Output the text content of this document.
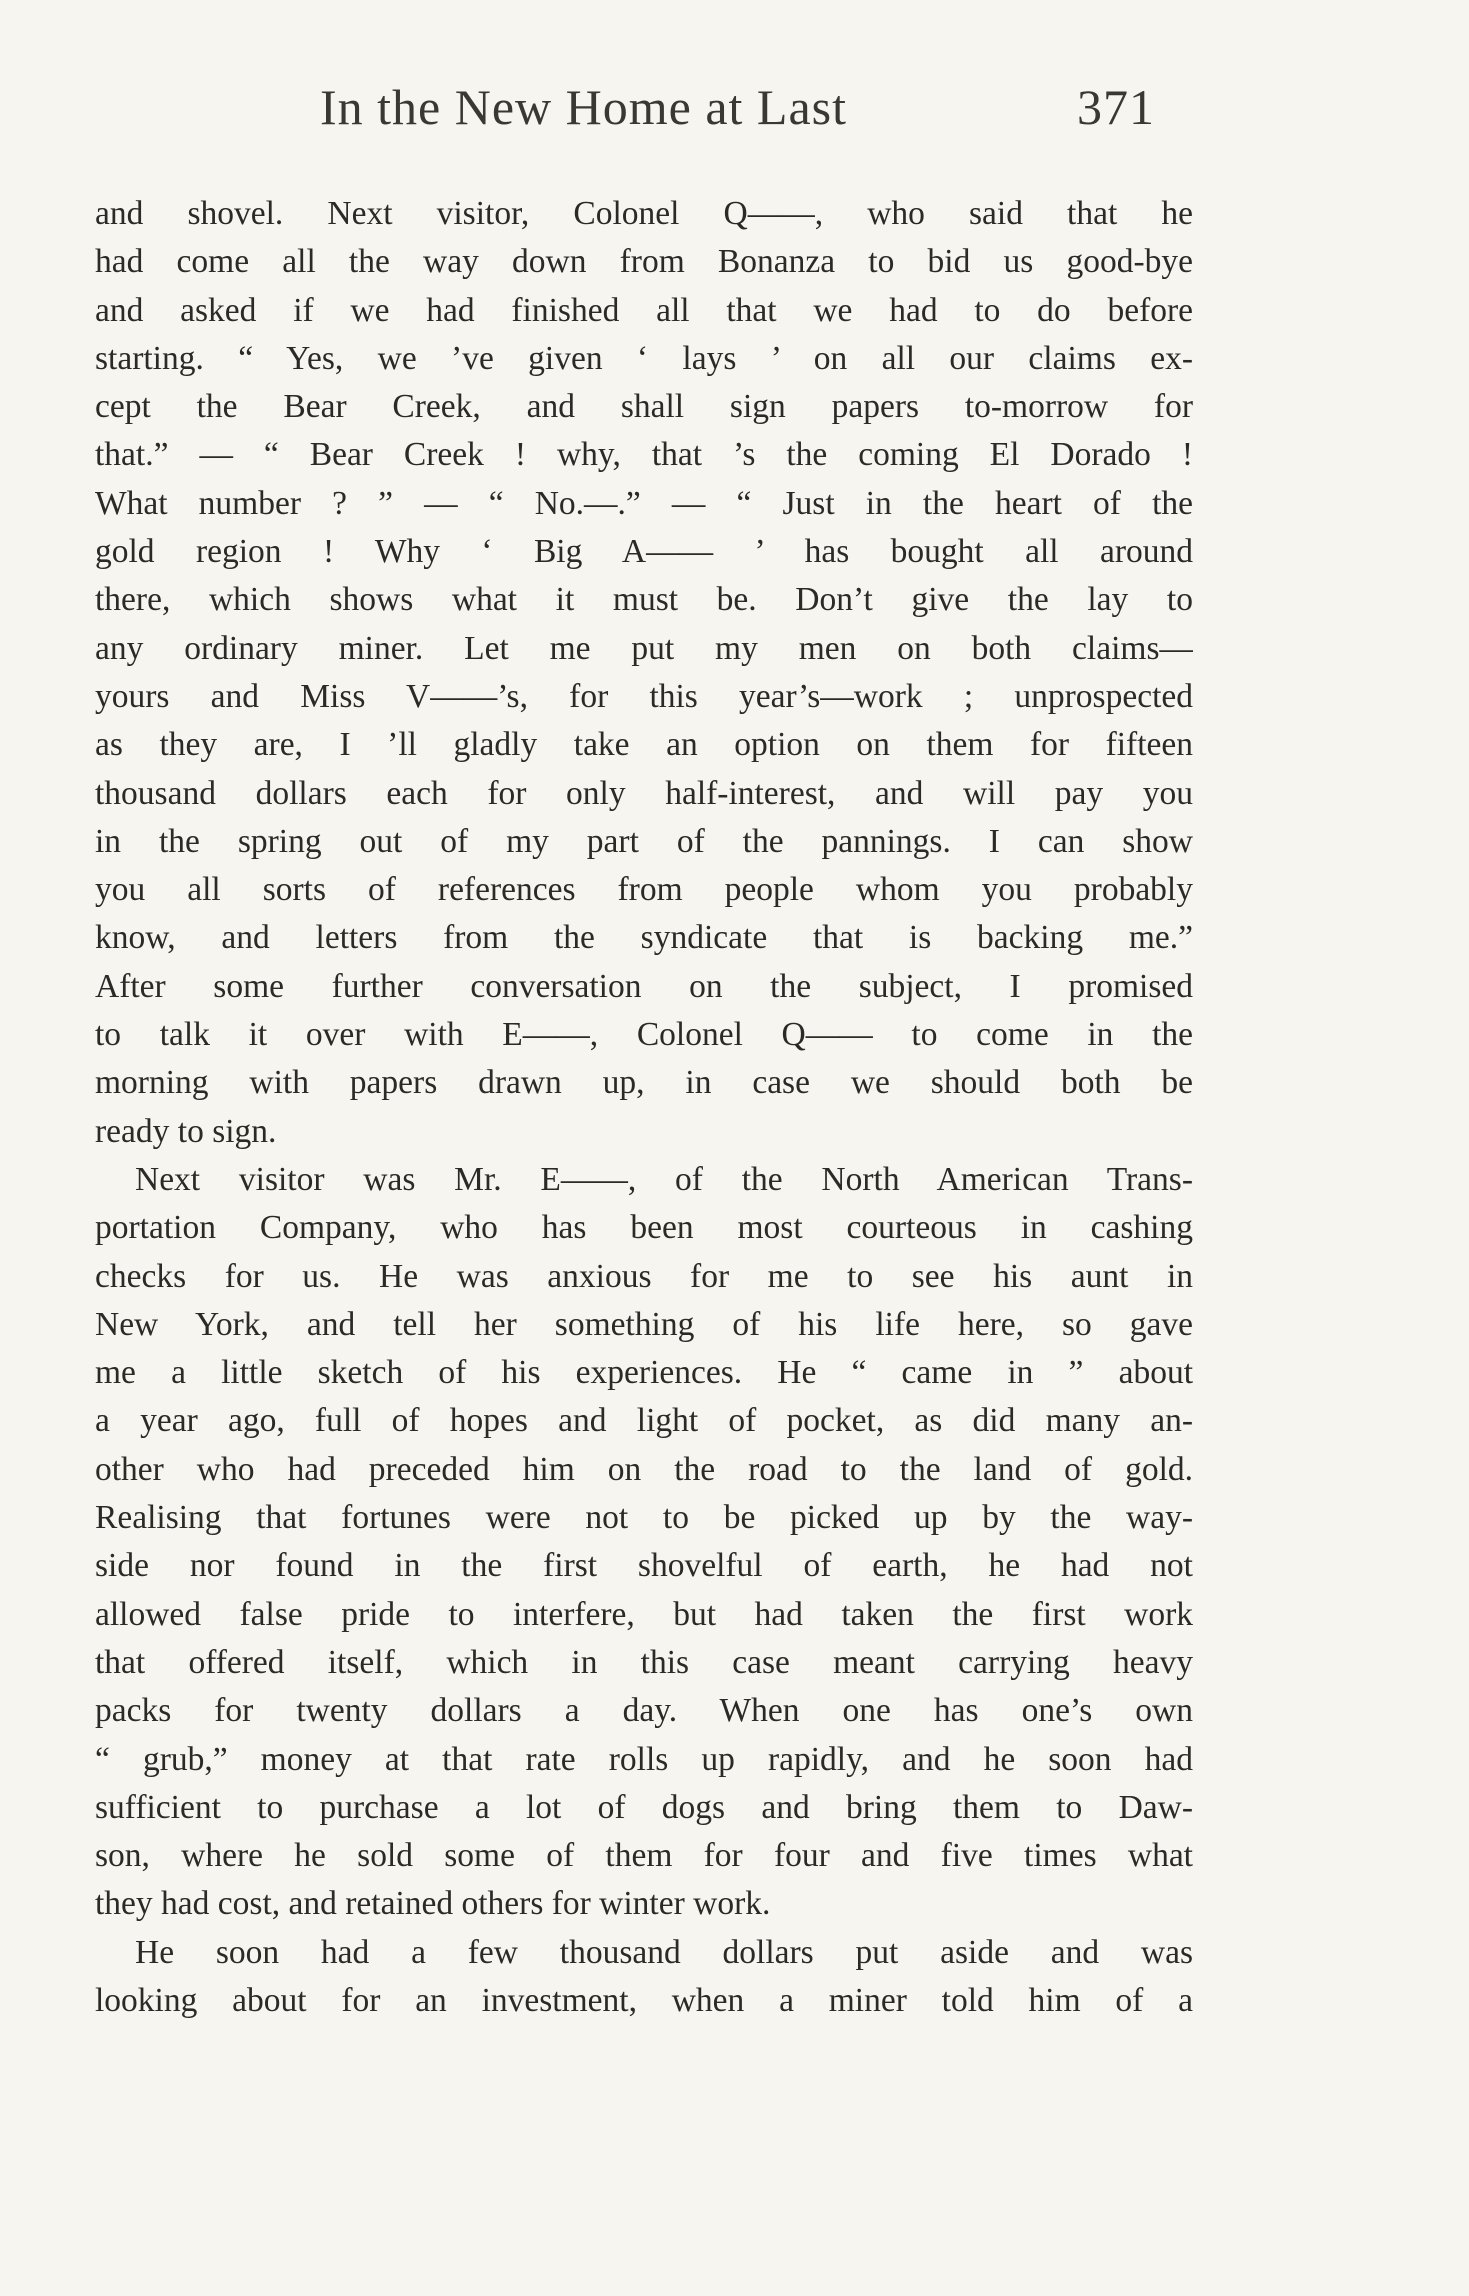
In the New Home at Last	371
and shovel. Next visitor, Colonel Q——, who said that he
had come all the way down from Bonanza to bid us good-bye
and asked if we had finished all that we had to do before
starting. “ Yes, we ’ve given ‘ lays ’ on all our claims ex-
cept the Bear Creek, and shall sign papers to-morrow for
that.” — “ Bear Creek ! why, that ’s the coming El Dorado !
What number ? ” — “ No.—.” — “ Just in the heart of the
gold region ! Why ‘ Big A—— ’ has bought all around
there, which shows what it must be. Don’t give the lay to
any ordinary miner. Let me put my men on both claims—
yours and Miss V——’s, for this year’s—work ; unprospected
as they are, I ’ll gladly take an option on them for fifteen
thousand dollars each for only half-interest, and will pay you
in the spring out of my part of the pannings. I can show
you all sorts of references from people whom you probably
know, and letters from the syndicate that is backing me.”
After some further conversation on the subject, I promised
to talk it over with E——, Colonel Q—— to come in the
morning with papers drawn up, in case we should both be
ready to sign.
Next visitor was Mr. E——, of the North American Trans-
portation Company, who has been most courteous in cashing
checks for us. He was anxious for me to see his aunt in
New York, and tell her something of his life here, so gave
me a little sketch of his experiences. He “ came in ” about
a year ago, full of hopes and light of pocket, as did many an-
other who had preceded him on the road to the land of gold.
Realising that fortunes were not to be picked up by the way-
side nor found in the first shovelful of earth, he had not
allowed false pride to interfere, but had taken the first work
that offered itself, which in this case meant carrying heavy
packs for twenty dollars a day. When one has one’s own
“ grub,” money at that rate rolls up rapidly, and he soon had
sufficient to purchase a lot of dogs and bring them to Daw-
son, where he sold some of them for four and five times what
they had cost, and retained others for winter work.
He soon had a few thousand dollars put aside and was
looking about for an investment, when a miner told him of a
